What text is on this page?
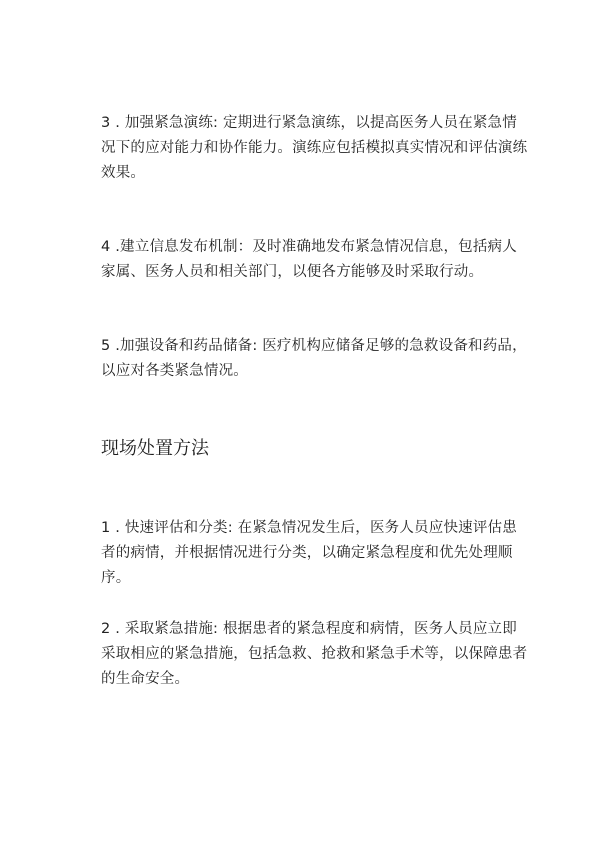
3 . 加强紧急演练: 定期进行紧急演练，以提高医务人员在紧急情况下的应对能力和协作能力。演练应包括模拟真实情况和评估演练效果。

4 .建立信息发布机制：及时准确地发布紧急情况信息，包括病人家属、医务人员和相关部门，以便各方能够及时采取行动。

5 .加强设备和药品储备: 医疗机构应储备足够的急救设备和药品，以应对各类紧急情况。

现场处置方法

1 . 快速评估和分类: 在紧急情况发生后，医务人员应快速评估患者的病情，并根据情况进行分类，以确定紧急程度和优先处理顺序。

2 . 采取紧急措施: 根据患者的紧急程度和病情，医务人员应立即采取相应的紧急措施，包括急救、抢救和紧急手术等，以保障患者的生命安全。
